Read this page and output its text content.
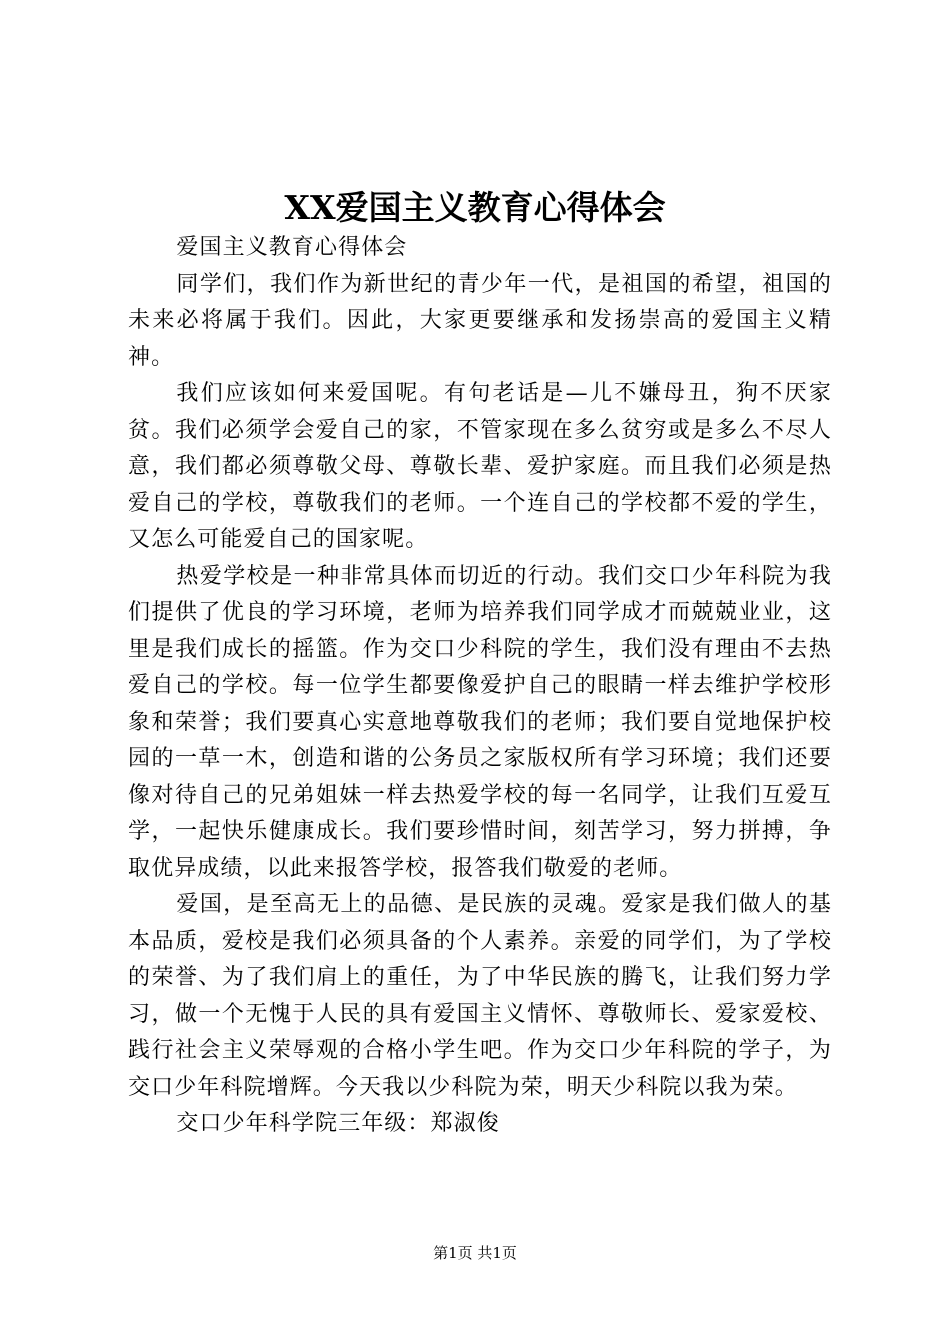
XX爱国主义教育心得体会

爱国主义教育心得体会

同学们，我们作为新世纪的青少年一代，是祖国的希望，祖国的未来必将属于我们。因此，大家更要继承和发扬崇高的爱国主义精神。

我们应该如何来爱国呢。有句老话是—儿不嫌母丑，狗不厌家贫。我们必须学会爱自己的家，不管家现在多么贫穷或是多么不尽人意，我们都必须尊敬父母、尊敬长辈、爱护家庭。而且我们必须是热爱自己的学校，尊敬我们的老师。一个连自己的学校都不爱的学生，又怎么可能爱自己的国家呢。

热爱学校是一种非常具体而切近的行动。我们交口少年科院为我们提供了优良的学习环境，老师为培养我们同学成才而兢兢业业，这里是我们成长的摇篮。作为交口少科院的学生，我们没有理由不去热爱自己的学校。每一位学生都要像爱护自己的眼睛一样去维护学校形象和荣誉；我们要真心实意地尊敬我们的老师；我们要自觉地保护校园的一草一木，创造和谐的公务员之家版权所有学习环境；我们还要像对待自己的兄弟姐妹一样去热爱学校的每一名同学，让我们互爱互学，一起快乐健康成长。我们要珍惜时间，刻苦学习，努力拼搏，争取优异成绩，以此来报答学校，报答我们敬爱的老师。

爱国，是至高无上的品德、是民族的灵魂。爱家是我们做人的基本品质，爱校是我们必须具备的个人素养。亲爱的同学们，为了学校的荣誉、为了我们肩上的重任，为了中华民族的腾飞，让我们努力学习，做一个无愧于人民的具有爱国主义情怀、尊敬师长、爱家爱校、践行社会主义荣辱观的合格小学生吧。作为交口少年科院的学子，为交口少年科院增辉。今天我以少科院为荣，明天少科院以我为荣。

交口少年科学院三年级：郑淑俊

第1页 共1页
